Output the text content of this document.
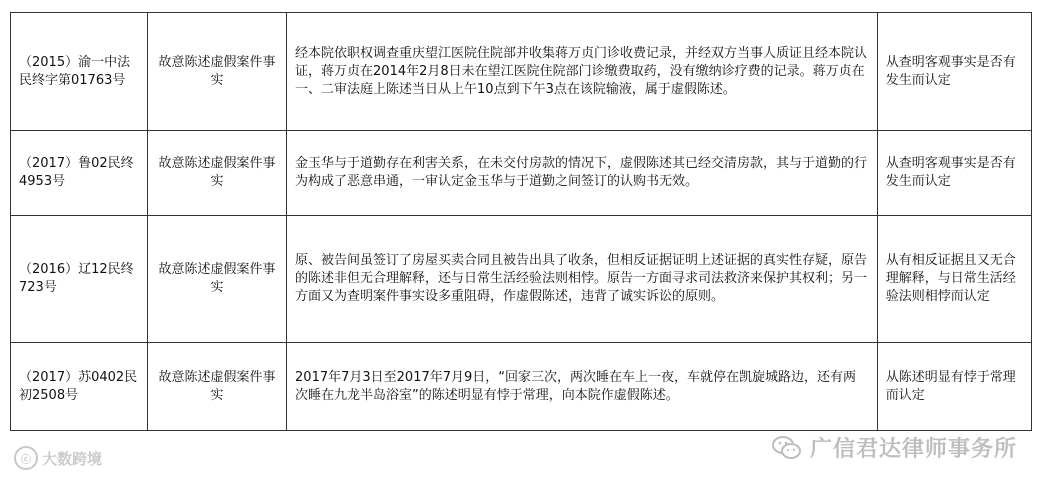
（2015）渝一中法民终字第01763号	故意陈述虚假案件事实	经本院依职权调查重庆望江医院住院部并收集蒋万贞门诊收费记录，并经双方当事人质证且经本院认证，蒋万贞在2014年2月8日未在望江医院住院部门诊缴费取药，没有缴纳诊疗费的记录。蒋万贞在一、二审法庭上陈述当日从上午10点到下午3点在该院输液，属于虚假陈述。	从查明客观事实是否有发生而认定
（2017）鲁02民终4953号	故意陈述虚假案件事实	金玉华与于道勤存在利害关系，在未交付房款的情况下，虚假陈述其已经交清房款，其与于道勤的行为构成了恶意串通，一审认定金玉华与于道勤之间签订的认购书无效。	从查明客观事实是否有发生而认定
（2016）辽12民终723号	故意陈述虚假案件事实	原、被告间虽签订了房屋买卖合同且被告出具了收条，但相反证据证明上述证据的真实性存疑，原告的陈述非但无合理解释，还与日常生活经验法则相悖。原告一方面寻求司法救济来保护其权利；另一方面又为查明案件事实设多重阻碍，作虚假陈述，违背了诚实诉讼的原则。	从有相反证据且又无合理解释，与日常生活经验法则相悖而认定
（2017）苏0402民初2508号	故意陈述虚假案件事实	2017年7月3日至2017年7月9日，“回家三次，两次睡在车上一夜，车就停在凯旋城路边，还有两次睡在九龙半岛浴室”的陈述明显有悖于常理，向本院作虚假陈述。	从陈述明显有悖于常理而认定
ⓒ 大数跨境	广信君达律师事务所
